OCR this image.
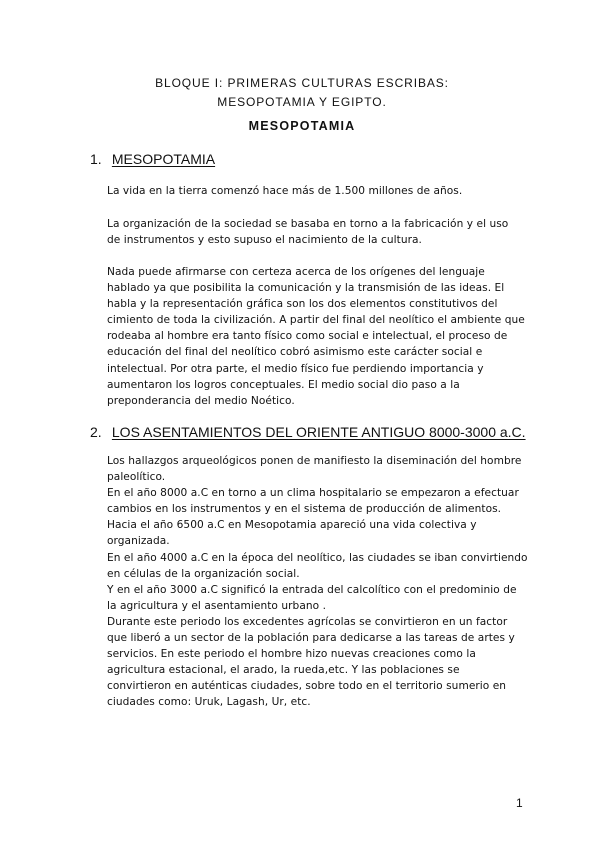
BLOQUE I: PRIMERAS CULTURAS ESCRIBAS:
MESOPOTAMIA Y EGIPTO.
MESOPOTAMIA
1. MESOPOTAMIA
La vida en la tierra comenzó hace más de 1.500 millones de años.
La organización de la sociedad se basaba en torno a la fabricación y el uso
de instrumentos y esto supuso el nacimiento de la cultura.
Nada puede afirmarse con certeza acerca de los orígenes del lenguaje
hablado ya que posibilita la comunicación y la transmisión de las ideas. El
habla y la representación gráfica son los dos elementos constitutivos del
cimiento de toda la civilización. A partir del final del neolítico el ambiente que
rodeaba al hombre era tanto físico como social e intelectual, el proceso de
educación del final del neolítico cobró asimismo este carácter social e
intelectual. Por otra parte, el medio físico fue perdiendo importancia y
aumentaron los logros conceptuales. El medio social dio paso a la
preponderancia del medio Noético.
2. LOS ASENTAMIENTOS DEL ORIENTE ANTIGUO 8000-3000 a.C.
Los hallazgos arqueológicos ponen de manifiesto la diseminación del hombre
paleolítico.
En el año 8000 a.C en torno a un clima hospitalario se empezaron a efectuar
cambios en los instrumentos y en el sistema de producción de alimentos.
Hacia el año 6500 a.C en Mesopotamia apareció una vida colectiva y
organizada.
En el año 4000 a.C en la época del neolítico, las ciudades se iban convirtiendo
en células de la organización social.
Y en el año 3000 a.C significó la entrada del calcolítico con el predominio de
la agricultura y el asentamiento urbano .
Durante este periodo los excedentes agrícolas se convirtieron en un factor
que liberó a un sector de la población para dedicarse a las tareas de artes y
servicios. En este periodo el hombre hizo nuevas creaciones como la
agricultura estacional, el arado, la rueda,etc. Y las poblaciones se
convirtieron en auténticas ciudades, sobre todo en el territorio sumerio en
ciudades como: Uruk, Lagash, Ur, etc.
1
